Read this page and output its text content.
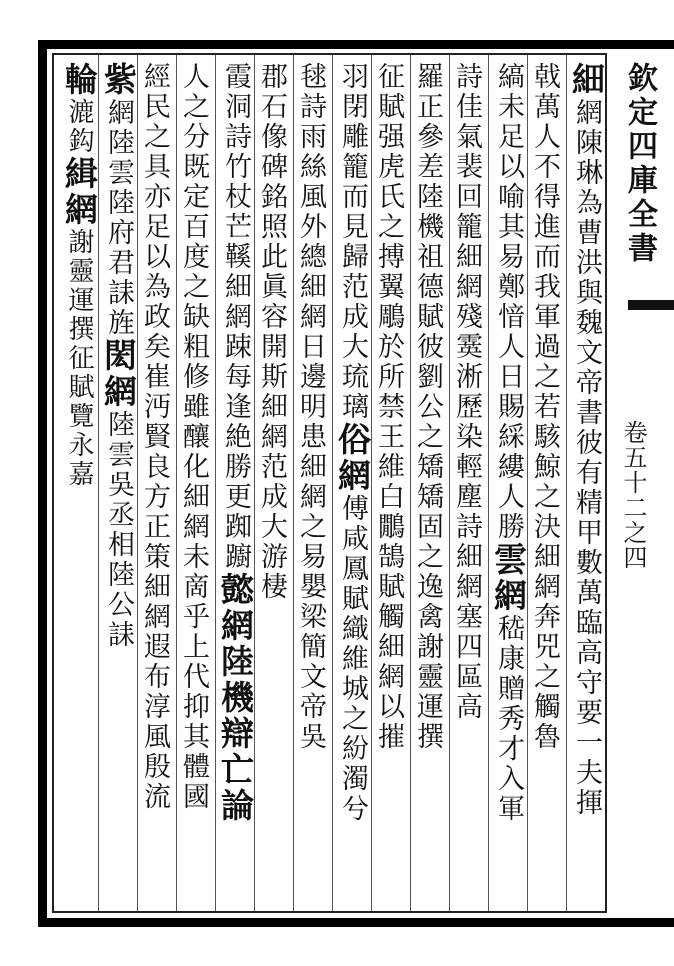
欽定四庫全書
卷五十二之四
細網陳琳為曹洪與魏文帝書彼有精甲數萬臨高守要一夫揮
戟萬人不得進而我軍過之若駭鯨之決細網奔兕之觸魯
縞未足以喻其易鄭愔人日賜綵縷人勝雲網嵇康贈秀才入軍
詩佳氣裴回籠細網殘霙淅歷染輕塵詩細網塞四區高
羅正參差陸機祖德賦彼劉公之矯矯固之逸禽謝靈運撰
征賦强虎氏之搏翼鵰於所禁王維白鷳鵠賦觸細網以摧
羽閉雕籠而見歸范成大琉璃俗網傅咸鳳賦織維城之紛濁兮
毬詩雨絲風外總細網日邊明患細網之易嬰梁簡文帝吳
郡石像碑銘照此眞容開斯細網范成大游棲
霞洞詩竹杖芒鞵細網踈每逢絶勝更踟躕懿網陸機辯亡論
人之分既定百度之缺粗修雖釀化細網未啇乎上代抑其體國
經民之具亦足以為政矣崔沔賢良方正策細網遐布淳風殷流
紫網陸雲陸府君誄旌閎網陸雲吳丞相陸公誄
輪漉鈎緝網謝靈運撰征賦覽永嘉
